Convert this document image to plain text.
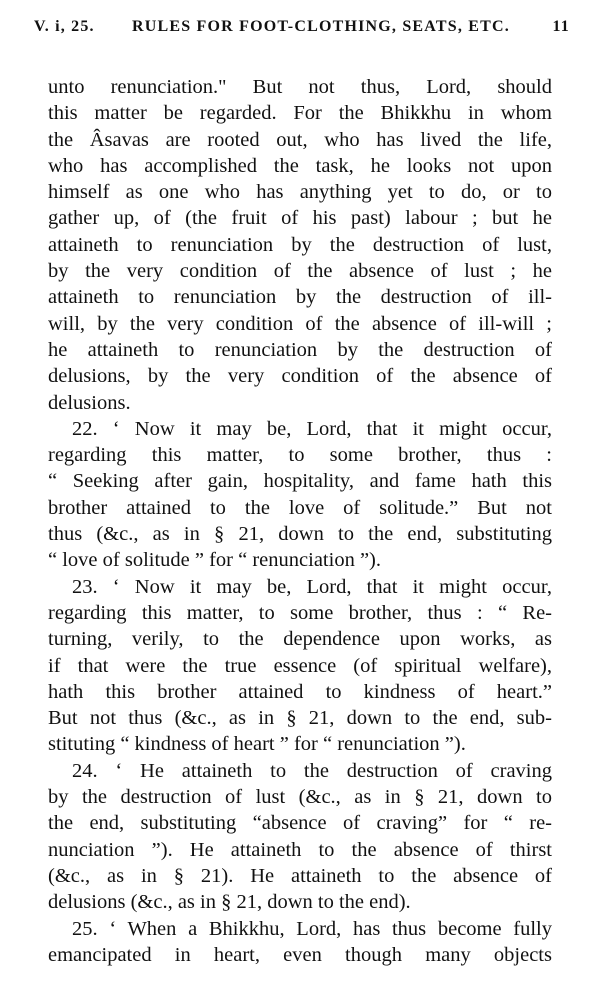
V. i, 25. RULES FOR FOOT-CLOTHING, SEATS, ETC.	11
unto renunciation." But not thus, Lord, should
this matter be regarded. For the Bhikkhu in whom
the Âsavas are rooted out, who has lived the life,
who has accomplished the task, he looks not upon
himself as one who has anything yet to do, or to
gather up, of (the fruit of his past) labour ; but he
attaineth to renunciation by the destruction of lust,
by the very condition of the absence of lust ; he
attaineth to renunciation by the destruction of ill-
will, by the very condition of the absence of ill-will ;
he attaineth to renunciation by the destruction of
delusions, by the very condition of the absence of
delusions.
22. ‘ Now it may be, Lord, that it might occur,
regarding this matter, to some brother, thus :
“ Seeking after gain, hospitality, and fame hath this
brother attained to the love of solitude.” But not
thus (&c., as in § 21, down to the end, substituting
“ love of solitude ” for “ renunciation ”).
23. ‘ Now it may be, Lord, that it might occur,
regarding this matter, to some brother, thus : “ Re-
turning, verily, to the dependence upon works, as
if that were the true essence (of spiritual welfare),
hath this brother attained to kindness of heart.”
But not thus (&c., as in § 21, down to the end, sub-
stituting “ kindness of heart ” for “ renunciation ”).
24. ‘ He attaineth to the destruction of craving
by the destruction of lust (&c., as in § 21, down to
the end, substituting “absence of craving” for “ re-
nunciation ”). He attaineth to the absence of thirst
(&c., as in § 21). He attaineth to the absence of
delusions (&c., as in § 21, down to the end).
25. ‘ When a Bhikkhu, Lord, has thus become fully
emancipated in heart, even though many objects
